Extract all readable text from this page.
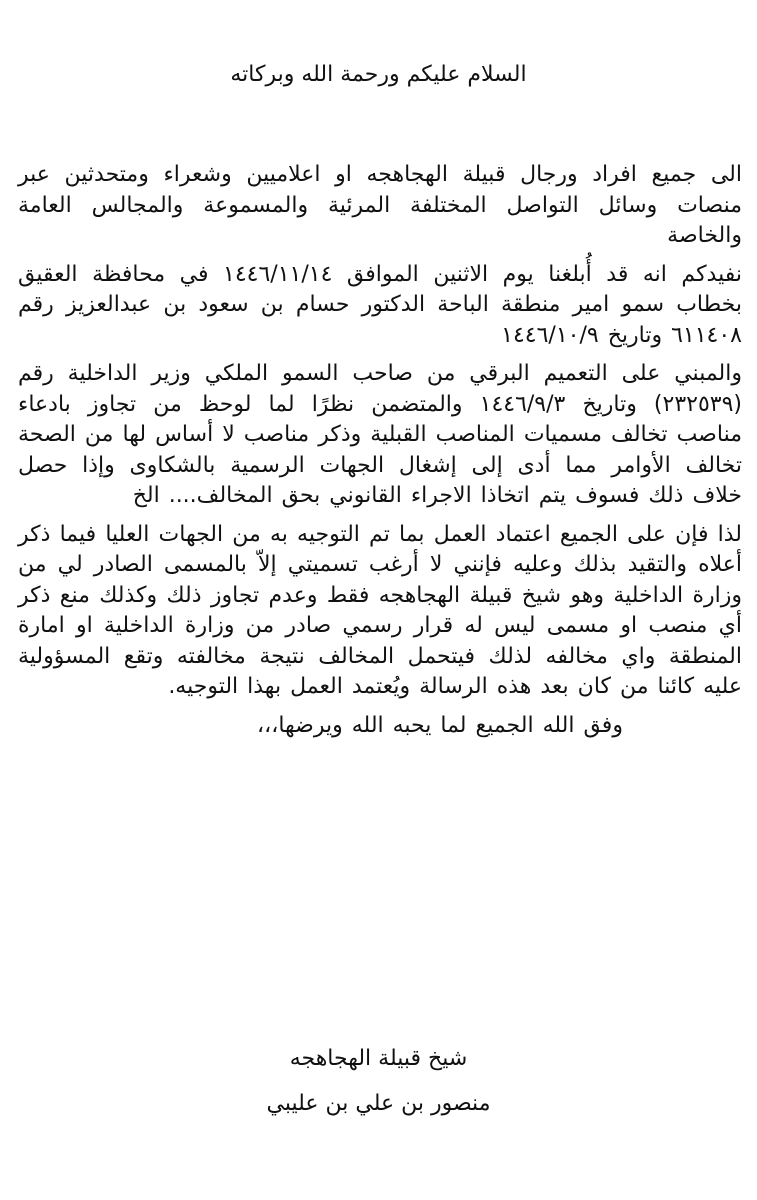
السلام عليكم ورحمة الله وبركاته

الى جميع افراد ورجال قبيلة الهجاهجه او اعلاميين وشعراء ومتحدثين عبر منصات وسائل التواصل المختلفة المرئية والمسموعة والمجالس العامة والخاصة

نفيدكم انه قد أُبلغنا يوم الاثنين الموافق ١٤٤٦/١١/١٤ في محافظة العقيق بخطاب سمو امير منطقة الباحة الدكتور حسام بن سعود بن عبدالعزيز رقم ٦١١٤٠٨ وتاريخ ١٤٤٦/١٠/٩

والمبني على التعميم البرقي من صاحب السمو الملكي وزير الداخلية رقم (٢٣٢٥٣٩) وتاريخ ١٤٤٦/٩/٣ والمتضمن نظرًا لما لوحظ من تجاوز بادعاء مناصب تخالف مسميات المناصب القبلية وذكر مناصب لا أساس لها من الصحة تخالف الأوامر مما أدى إلى إشغال الجهات الرسمية بالشكاوى وإذا حصل خلاف ذلك فسوف يتم اتخاذا الاجراء القانوني بحق المخالف.... الخ

لذا فإن على الجميع اعتماد العمل بما تم التوجيه به من الجهات العليا فيما ذكر أعلاه والتقيد بذلك وعليه فإنني لا أرغب تسميتي إلاّ بالمسمى الصادر لي من وزارة الداخلية وهو شيخ قبيلة الهجاهجه فقط وعدم تجاوز ذلك وكذلك منع ذكر أي منصب او مسمى ليس له قرار رسمي صادر من وزارة الداخلية او امارة المنطقة واي مخالفه لذلك فيتحمل المخالف نتيجة مخالفته وتقع المسؤولية عليه كائنا من كان بعد هذه الرسالة ويُعتمد العمل بهذا التوجيه.

وفق الله الجميع لما يحبه الله ويرضها،،،

شيخ قبيلة الهجاهجه
منصور بن علي بن عليبي
